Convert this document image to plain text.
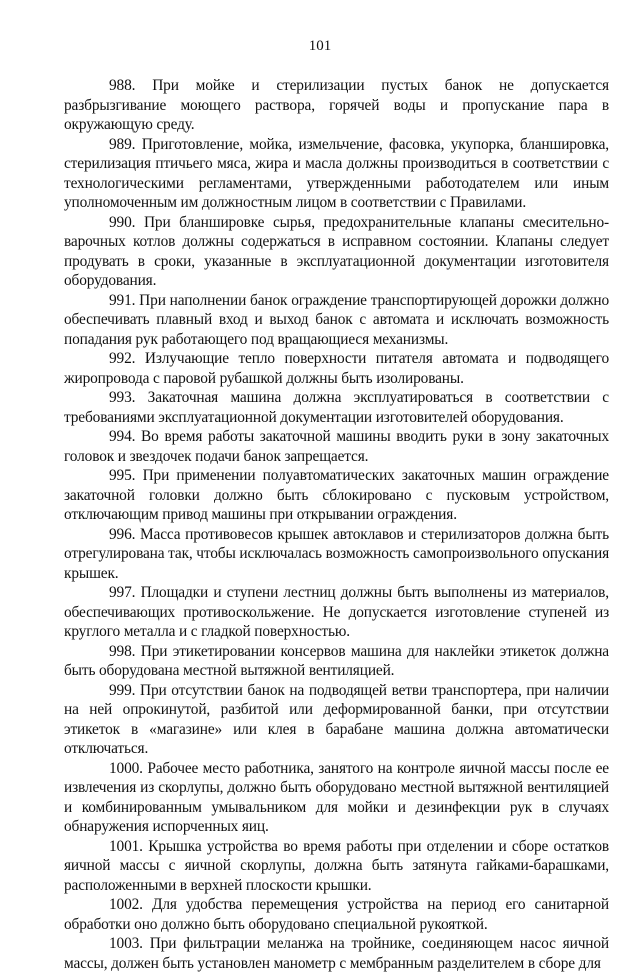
101

988. При мойке и стерилизации пустых банок не допускается разбрызгивание моющего раствора, горячей воды и пропускание пара в окружающую среду.

989. Приготовление, мойка, измельчение, фасовка, укупорка, бланшировка, стерилизация птичьего мяса, жира и масла должны производиться в соответствии с технологическими регламентами, утвержденными работодателем или иным уполномоченным им должностным лицом в соответствии с Правилами.

990. При бланшировке сырья, предохранительные клапаны смесительно-варочных котлов должны содержаться в исправном состоянии. Клапаны следует продувать в сроки, указанные в эксплуатационной документации изготовителя оборудования.

991. При наполнении банок ограждение транспортирующей дорожки должно обеспечивать плавный вход и выход банок с автомата и исключать возможность попадания рук работающего под вращающиеся механизмы.

992. Излучающие тепло поверхности питателя автомата и подводящего жиропровода с паровой рубашкой должны быть изолированы.

993. Закаточная машина должна эксплуатироваться в соответствии с требованиями эксплуатационной документации изготовителей оборудования.

994. Во время работы закаточной машины вводить руки в зону закаточных головок и звездочек подачи банок запрещается.

995. При применении полуавтоматических закаточных машин ограждение закаточной головки должно быть сблокировано с пусковым устройством, отключающим привод машины при открывании ограждения.

996. Масса противовесов крышек автоклавов и стерилизаторов должна быть отрегулирована так, чтобы исключалась возможность самопроизвольного опускания крышек.

997. Площадки и ступени лестниц должны быть выполнены из материалов, обеспечивающих противоскольжение. Не допускается изготовление ступеней из круглого металла и с гладкой поверхностью.

998. При этикетировании консервов машина для наклейки этикеток должна быть оборудована местной вытяжной вентиляцией.

999. При отсутствии банок на подводящей ветви транспортера, при наличии на ней опрокинутой, разбитой или деформированной банки, при отсутствии этикеток в «магазине» или клея в барабане машина должна автоматически отключаться.

1000. Рабочее место работника, занятого на контроле яичной массы после ее извлечения из скорлупы, должно быть оборудовано местной вытяжной вентиляцией и комбинированным умывальником для мойки и дезинфекции рук в случаях обнаружения испорченных яиц.

1001. Крышка устройства во время работы при отделении и сборе остатков яичной массы с яичной скорлупы, должна быть затянута гайками-барашками, расположенными в верхней плоскости крышки.

1002. Для удобства перемещения устройства на период его санитарной обработки оно должно быть оборудовано специальной рукояткой.

1003. При фильтрации меланжа на тройнике, соединяющем насос яичной массы, должен быть установлен манометр с мембранным разделителем в сборе для
